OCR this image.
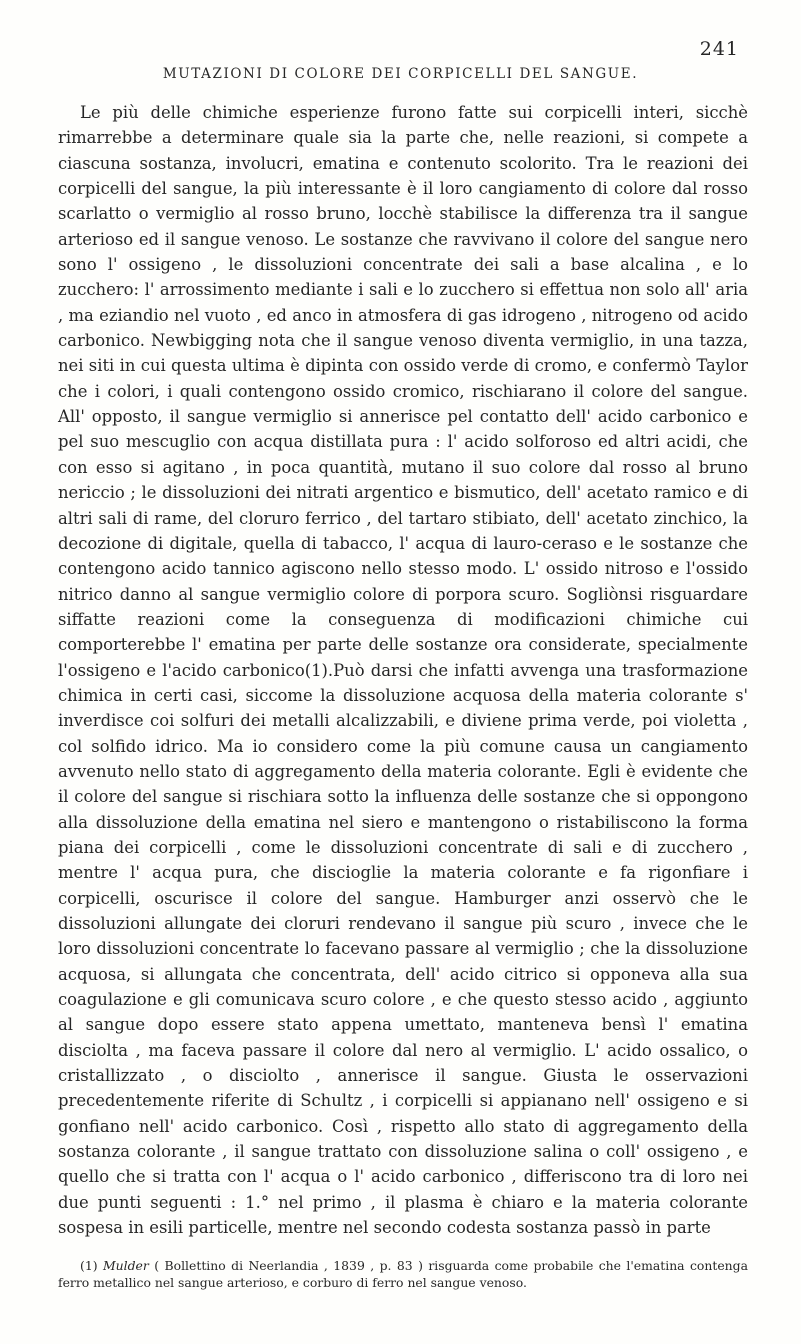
241
MUTAZIONI DI COLORE DEI CORPICELLI DEL SANGUE.

Le più delle chimiche esperienze furono fatte sui corpicelli interi, sicchè rimarrebbe a determinare quale sia la parte che, nelle reazioni, si compete a ciascuna sostanza, involucri, ematina e contenuto scolorito. Tra le reazioni dei corpicelli del sangue, la più interessante è il loro cangiamento di colore dal rosso scarlatto o vermiglio al rosso bruno, locchè stabilisce la differenza tra il sangue arterioso ed il sangue venoso. Le sostanze che ravvivano il colore del sangue nero sono l' ossigeno , le dissoluzioni concentrate dei sali a base alcalina , e lo zucchero: l' arrossimento mediante i sali e lo zucchero si effettua non solo all' aria , ma eziandio nel vuoto , ed anco in atmosfera di gas idrogeno , nitrogeno od acido carbonico. Newbigging nota che il sangue venoso diventa vermiglio, in una tazza, nei siti in cui questa ultima è dipinta con ossido verde di cromo, e confermò Taylor che i colori, i quali contengono ossido cromico, rischiarano il colore del sangue. All' opposto, il sangue vermiglio si annerisce pel contatto dell' acido carbonico e pel suo mescuglio con acqua distillata pura : l' acido solforoso ed altri acidi, che con esso si agitano , in poca quantità, mutano il suo colore dal rosso al bruno nericcio ; le dissoluzioni dei nitrati argentico e bismutico, dell' acetato ramico e di altri sali di rame, del cloruro ferrico , del tartaro stibiato, dell' acetato zinchico, la decozione di digitale, quella di tabacco, l' acqua di lauro-ceraso e le sostanze che contengono acido tannico agiscono nello stesso modo. L' ossido nitroso e l'ossido nitrico danno al sangue vermiglio colore di porpora scuro. Sogliònsi risguardare siffatte reazioni come la conseguenza di modificazioni chimiche cui comporterebbe l' ematina per parte delle sostanze ora considerate, specialmente l'ossigeno e l'acido carbonico(1).Può darsi che infatti avvenga una trasformazione chimica in certi casi, siccome la dissoluzione acquosa della materia colorante s' inverdisce coi solfuri dei metalli alcalizzabili, e diviene prima verde, poi violetta , col solfido idrico. Ma io considero come la più comune causa un cangiamento avvenuto nello stato di aggregamento della materia colorante. Egli è evidente che il colore del sangue si rischiara sotto la influenza delle sostanze che si oppongono alla dissoluzione della ematina nel siero e mantengono o ristabiliscono la forma piana dei corpicelli , come le dissoluzioni concentrate di sali e di zucchero , mentre l' acqua pura, che discioglie la materia colorante e fa rigonfiare i corpicelli, oscurisce il colore del sangue. Hamburger anzi osservò che le dissoluzioni allungate dei cloruri rendevano il sangue più scuro , invece che le loro dissoluzioni concentrate lo facevano passare al vermiglio ; che la dissoluzione acquosa, si allungata che concentrata, dell' acido citrico si opponeva alla sua coagulazione e gli comunicava scuro colore , e che questo stesso acido , aggiunto al sangue dopo essere stato appena umettato, manteneva bensì l' ematina disciolta , ma faceva passare il colore dal nero al vermiglio. L' acido ossalico, o cristallizzato , o disciolto , annerisce il sangue. Giusta le osservazioni precedentemente riferite di Schultz , i corpicelli si appianano nell' ossigeno e si gonfiano nell' acido carbonico. Così , rispetto allo stato di aggregamento della sostanza colorante , il sangue trattato con dissoluzione salina o coll' ossigeno , e quello che si tratta con l' acqua o l' acido carbonico , differiscono tra di loro nei due punti seguenti : 1.° nel primo , il plasma è chiaro e la materia colorante sospesa in esili particelle, mentre nel secondo codesta sostanza passò in parte

(1) Mulder ( Bollettino di Neerlandia , 1839 , p. 83 ) risguarda come probabile che l'ematina contenga ferro metallico nel sangue arterioso, e corburo di ferro nel sangue venoso.
